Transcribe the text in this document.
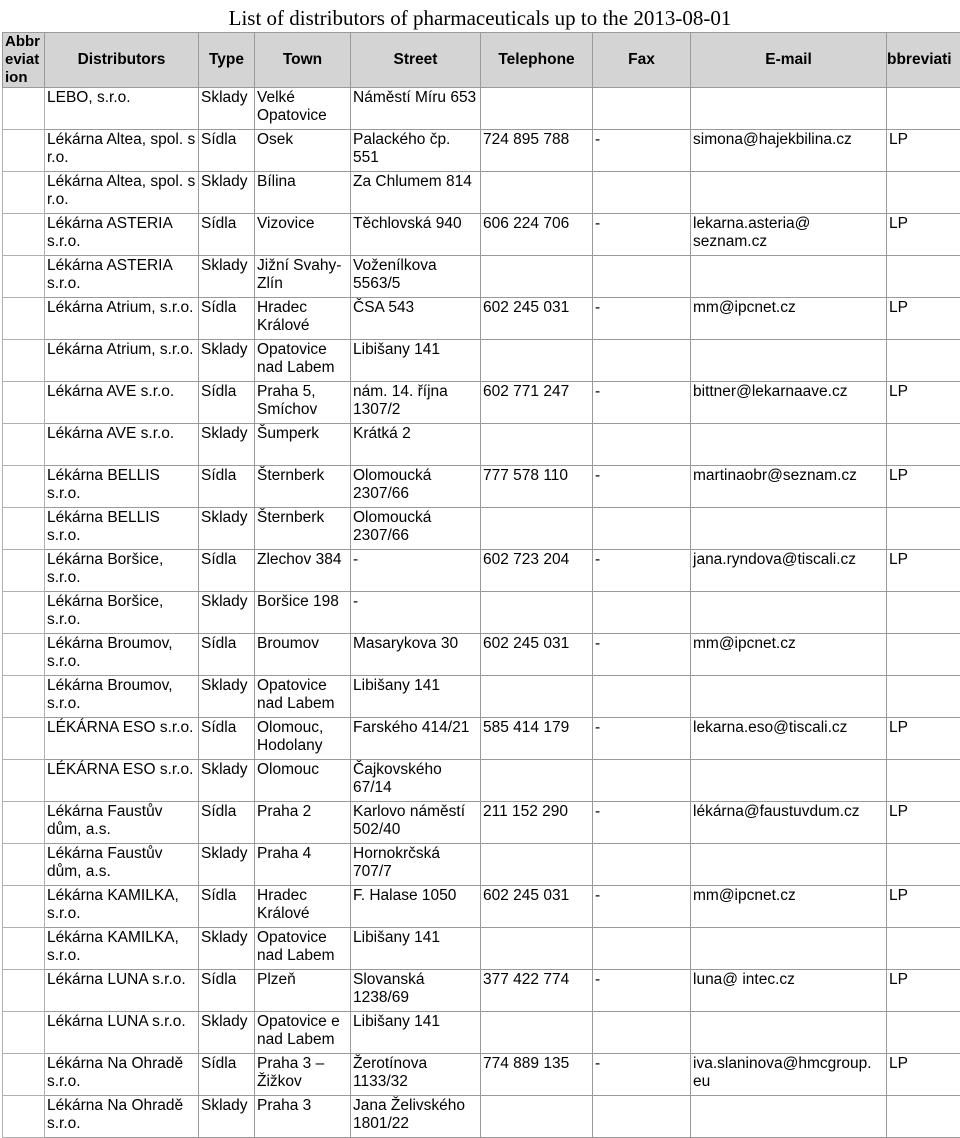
List of distributors of pharmaceuticals up to the 2013-08-01
Abbr eviat ion	Distributors	Type	Town	Street	Telephone	Fax	E-mail	bbreviati
	LEBO, s.r.o.	Sklady	Velké Opatovice	Náměstí Míru 653				
	Lékárna Altea, spol. s r.o.	Sídla	Osek	Palackého čp. 551	724 895 788	-	simona@hajekbilina.cz	LP
	Lékárna Altea, spol. s r.o.	Sklady	Bílina	Za Chlumem 814				
	Lékárna ASTERIA s.r.o.	Sídla	Vizovice	Těchlovská 940	606 224 706	-	lekarna.asteria@ seznam.cz	LP
	Lékárna ASTERIA s.r.o.	Sklady	Jižní Svahy- Zlín	Voženílkova 5563/5				
	Lékárna Atrium, s.r.o.	Sídla	Hradec Králové	ČSA 543	602 245 031	-	mm@ipcnet.cz	LP
	Lékárna Atrium, s.r.o.	Sklady	Opatovice nad Labem	Libišany 141				
	Lékárna AVE s.r.o.	Sídla	Praha 5, Smíchov	nám. 14. října 1307/2	602 771 247	-	bittner@lekarnaave.cz	LP
	Lékárna AVE s.r.o.	Sklady	Šumperk	Krátká 2				
	Lékárna BELLIS s.r.o.	Sídla	Šternberk	Olomoucká 2307/66	777 578 110	-	martinaobr@seznam.cz	LP
	Lékárna BELLIS s.r.o.	Sklady	Šternberk	Olomoucká 2307/66				
	Lékárna Boršice, s.r.o.	Sídla	Zlechov 384	-	602 723 204	-	jana.ryndova@tiscali.cz	LP
	Lékárna Boršice, s.r.o.	Sklady	Boršice 198	-				
	Lékárna Broumov, s.r.o.	Sídla	Broumov	Masarykova 30	602 245 031	-	mm@ipcnet.cz	
	Lékárna Broumov, s.r.o.	Sklady	Opatovice nad Labem	Libišany 141				
	LÉKÁRNA ESO s.r.o.	Sídla	Olomouc, Hodolany	Farského 414/21	585 414 179	-	lekarna.eso@tiscali.cz	LP
	LÉKÁRNA ESO s.r.o.	Sklady	Olomouc	Čajkovského 67/14				
	Lékárna Faustův dům, a.s.	Sídla	Praha 2	Karlovo náměstí 502/40	211 152 290	-	lékárna@faustuvdum.cz	LP
	Lékárna Faustův dům, a.s.	Sklady	Praha 4	Hornokrčská 707/7				
	Lékárna KAMILKA, s.r.o.	Sídla	Hradec Králové	F. Halase 1050	602 245 031	-	mm@ipcnet.cz	LP
	Lékárna KAMILKA, s.r.o.	Sklady	Opatovice nad Labem	Libišany 141				
	Lékárna LUNA s.r.o.	Sídla	Plzeň	Slovanská 1238/69	377 422 774	-	luna@ intec.cz	LP
	Lékárna LUNA s.r.o.	Sklady	Opatovice e nad Labem	Libišany 141				
	Lékárna Na Ohradě s.r.o.	Sídla	Praha 3 – Žižkov	Žerotínova 1133/32	774 889 135	-	iva.slaninova@hmcgroup. eu	LP
	Lékárna Na Ohradě s.r.o.	Sklady	Praha 3	Jana Želivského 1801/22				
